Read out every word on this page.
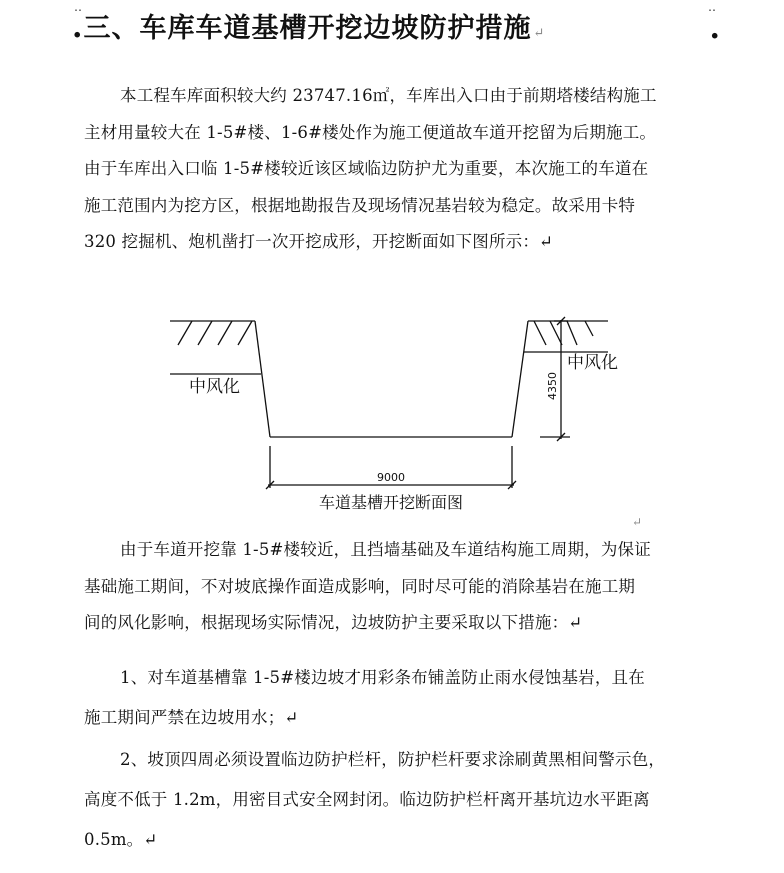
‥	‥
.三、车库车道基槽开挖边坡防护措施 ↵	.
本工程车库面积较大约 23747.16㎡，车库出入口由于前期塔楼结构施工
主材用量较大在 1-5#楼、1-6#楼处作为施工便道故车道开挖留为后期施工。
由于车库出入口临 1-5#楼较近该区域临边防护尤为重要，本次施工的车道在
施工范围内为挖方区，根据地勘报告及现场情况基岩较为稳定。故采用卡特
320 挖掘机、炮机凿打一次开挖成形，开挖断面如下图所示：↵
中风化
中风化
4350
9000
车道基槽开挖断面图
↵
由于车道开挖靠 1-5#楼较近，且挡墙基础及车道结构施工周期，为保证
基础施工期间，不对坡底操作面造成影响，同时尽可能的消除基岩在施工期
间的风化影响，根据现场实际情况，边坡防护主要采取以下措施：↵
1、对车道基槽靠 1-5#楼边坡才用彩条布铺盖防止雨水侵蚀基岩，且在
施工期间严禁在边坡用水；↵
2、坡顶四周必须设置临边防护栏杆，防护栏杆要求涂刷黄黑相间警示色，
高度不低于 1.2m，用密目式安全网封闭。临边防护栏杆离开基坑边水平距离
0.5m。↵
